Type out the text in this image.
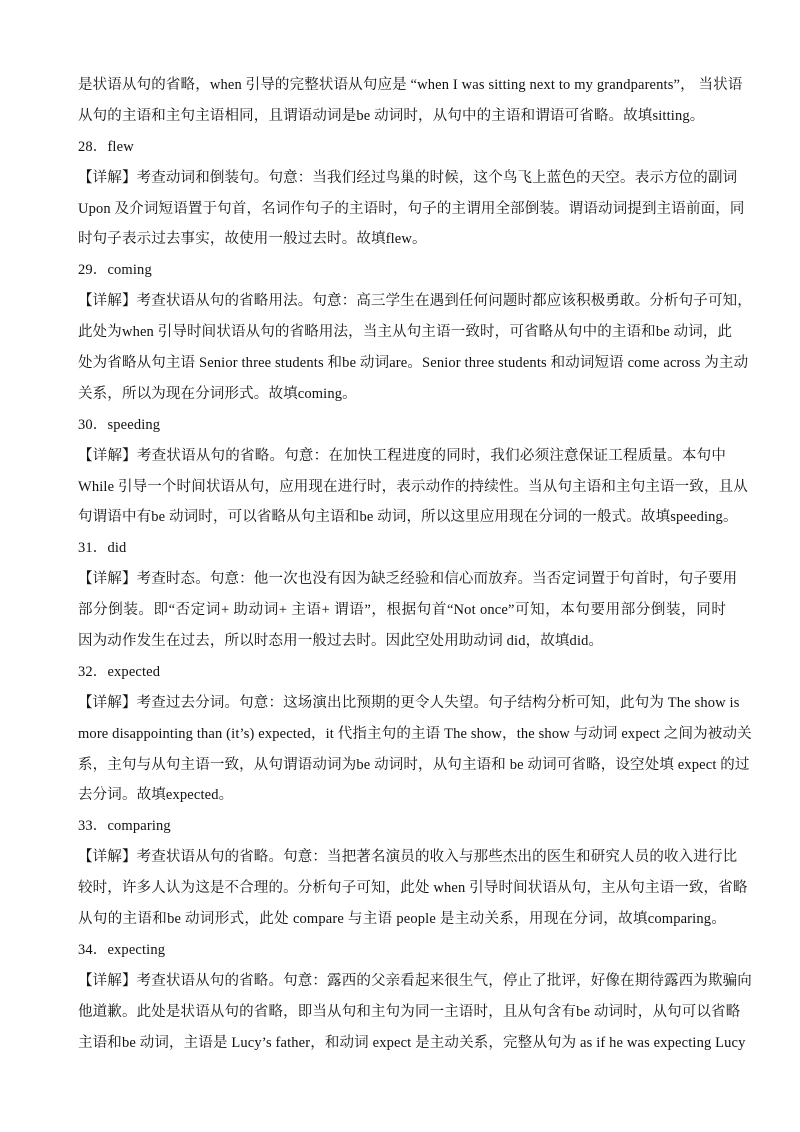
是状语从句的省略，when 引导的完整状语从句应是 “when I was sitting next to my grandparents”， 当状语
从句的主语和主句主语相同，且谓语动词是be 动词时，从句中的主语和谓语可省略。故填sitting。
28．flew
【详解】考查动词和倒装句。句意：当我们经过鸟巢的时候，这个鸟飞上蓝色的天空。表示方位的副词
Upon 及介词短语置于句首，名词作句子的主语时，句子的主谓用全部倒装。谓语动词提到主语前面，同
时句子表示过去事实，故使用一般过去时。故填flew。
29．coming
【详解】考查状语从句的省略用法。句意：高三学生在遇到任何问题时都应该积极勇敢。分析句子可知，
此处为when 引导时间状语从句的省略用法，当主从句主语一致时，可省略从句中的主语和be 动词，此
处为省略从句主语 Senior three students 和be 动词are。Senior three students 和动词短语 come across 为主动
关系，所以为现在分词形式。故填coming。
30．speeding
【详解】考查状语从句的省略。句意：在加快工程进度的同时，我们必须注意保证工程质量。本句中
While 引导一个时间状语从句，应用现在进行时，表示动作的持续性。当从句主语和主句主语一致，且从
句谓语中有be 动词时，可以省略从句主语和be 动词，所以这里应用现在分词的一般式。故填speeding。
31．did
【详解】考查时态。句意：他一次也没有因为缺乏经验和信心而放弃。当否定词置于句首时，句子要用
部分倒装。即“否定词+ 助动词+ 主语+ 谓语”，根据句首“Not once”可知，本句要用部分倒装，同时
因为动作发生在过去，所以时态用一般过去时。因此空处用助动词 did，故填did。
32．expected
【详解】考查过去分词。句意：这场演出比预期的更令人失望。句子结构分析可知，此句为 The show is
more disappointing than (it’s) expected，it 代指主句的主语 The show，the show 与动词 expect 之间为被动关
系，主句与从句主语一致，从句谓语动词为be 动词时，从句主语和 be 动词可省略，设空处填 expect 的过
去分词。故填expected。
33．comparing
【详解】考查状语从句的省略。句意：当把著名演员的收入与那些杰出的医生和研究人员的收入进行比
较时，许多人认为这是不合理的。分析句子可知，此处 when 引导时间状语从句，主从句主语一致，省略
从句的主语和be 动词形式，此处 compare 与主语 people 是主动关系，用现在分词，故填comparing。
34．expecting
【详解】考查状语从句的省略。句意：露西的父亲看起来很生气，停止了批评，好像在期待露西为欺骗向
他道歉。此处是状语从句的省略，即当从句和主句为同一主语时，且从句含有be 动词时，从句可以省略
主语和be 动词，主语是 Lucy’s father，和动词 expect 是主动关系，完整从句为 as if he was expecting Lucy
